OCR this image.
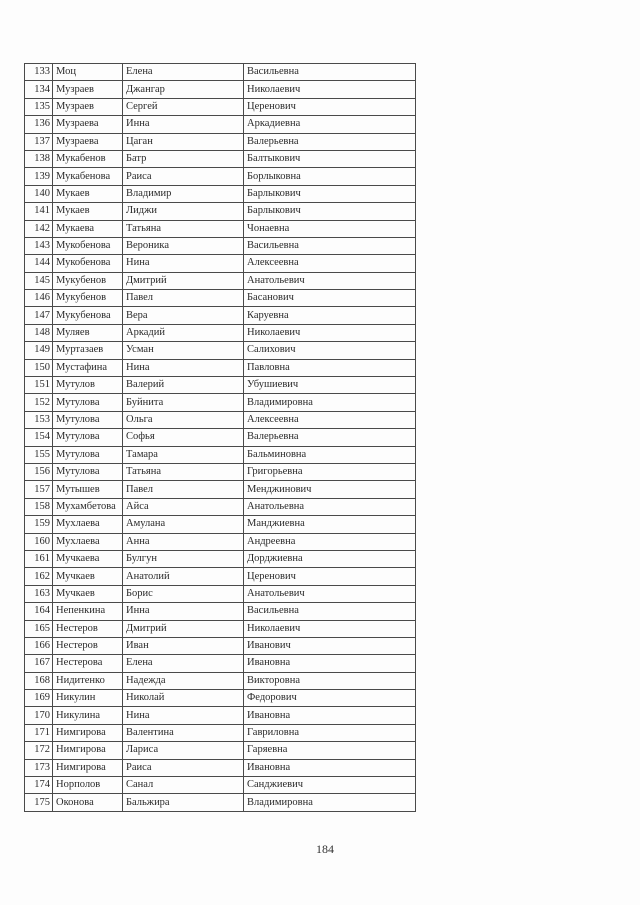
133	Моц	Елена	Васильевна
134	Музраев	Джангар	Николаевич
135	Музраев	Сергей	Церенович
136	Музраева	Инна	Аркадиевна
137	Музраева	Цаган	Валерьевна
138	Мукабенов	Батр	Балтыкович
139	Мукабенова	Раиса	Борлыковна
140	Мукаев	Владимир	Барлыкович
141	Мукаев	Лиджи	Барлыкович
142	Мукаева	Татьяна	Чонаевна
143	Мукобенова	Вероника	Васильевна
144	Мукобенова	Нина	Алексеевна
145	Мукубенов	Дмитрий	Анатольевич
146	Мукубенов	Павел	Басанович
147	Мукубенова	Вера	Каруевна
148	Муляев	Аркадий	Николаевич
149	Муртазаев	Усман	Салихович
150	Мустафина	Нина	Павловна
151	Мутулов	Валерий	Убушиевич
152	Мутулова	Буйнита	Владимировна
153	Мутулова	Ольга	Алексеевна
154	Мутулова	Софья	Валерьевна
155	Мутулова	Тамара	Бальминовна
156	Мутулова	Татьяна	Григорьевна
157	Мутышев	Павел	Менджинович
158	Мухамбетова	Айса	Анатольевна
159	Мухлаева	Амулана	Манджиевна
160	Мухлаева	Анна	Андреевна
161	Мучкаева	Булгун	Дорджиевна
162	Мучкаев	Анатолий	Церенович
163	Мучкаев	Борис	Анатольевич
164	Непенкина	Инна	Васильевна
165	Нестеров	Дмитрий	Николаевич
166	Нестеров	Иван	Иванович
167	Нестерова	Елена	Ивановна
168	Нидитенко	Надежда	Викторовна
169	Никулин	Николай	Федорович
170	Никулина	Нина	Ивановна
171	Нимгирова	Валентина	Гавриловна
172	Нимгирова	Лариса	Гаряевна
173	Нимгирова	Раиса	Ивановна
174	Норполов	Санал	Санджиевич
175	Оконова	Бальжира	Владимировна
184
